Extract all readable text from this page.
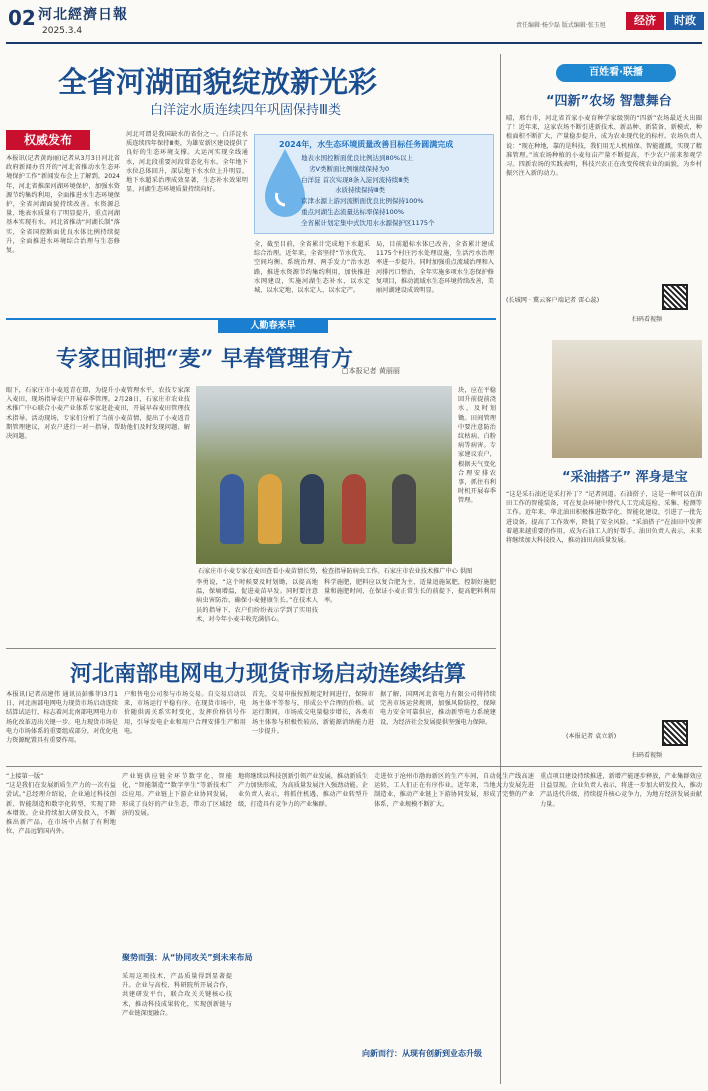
02 河北經濟日報
2025.3.4
责任编辑·杨少磊 版式编辑·张玉旭	经济	时政
全省河湖面貌绽放新光彩
白洋淀水质连续四年巩固保持Ⅲ类
权威发布
本报讯(记者黄海丽)记者从3月3日河北省政府新闻办召开的“河北省推动水生态环境保护工作”新闻发布会上了解到，2024年，河北省推深河湖环境保护，加强水资源节约集约利用，全面推进水生态环境保护，全省河湖面貌持续改善。水资源总量、地表水质量有了明显提升，重点河湖基本实现有水。河北省推动“河湖长制”落实，全省国控断面优良水体比例持续提升，全面推进水环境综合治理与生态修复。
河北可谓是我国缺水的省份之一。白洋淀水质连续四年保持Ⅲ类，为雄安新区建设提供了良好的生态环境支撑。大运河实现全线通水，河北段重要河段常态化有水。全年地下水位总体回升，深层地下水水位上升明显。地下水超采治理成效显著，生态补水效果明显，河湖生态环境质量持续向好。
全，截至目前，全省累计完成地下水超采综合治理。近年来，全省坚持“节水优先、空间均衡、系统治理、两手发力”治水思路，推进水资源节约集约利用，加快推进水网建设，实施河湖生态补水，以水定城、以水定地、以水定人、以水定产。
局，目前超标水体已改善，全省累计建成1175个村庄污水处理设施，生活污水治理率进一步提升。同时加强重点流域治理和入河排污口整治，全年实施多项水生态保护修复项目，推动流域水生态环境持续改善，美丽河湖建设成效明显。
2024年，水生态环境质量改善目标任务圆满完成
地表水国控断面优良比例达到80%以上
劣Ⅴ类断面比例继续保持为0
白洋淀 首次实现8条入淀河流持续Ⅲ类
水质持续保持Ⅲ类
京津水源上游河流断面优良比例保持100%
重点河湖生态流量达标率保持100%
全省累计划定集中式饮用水水源保护区1175个
百姓看·联播
“四新”农场 智慧舞台
晴，邢台市，河北省首家小麦育种学家级别的“四新”农场最近火出圈了！近年来，这家农场不断引进新技术、新品种、新装备、新模式，种植面积不断扩大，产量稳步提升，成为农业现代化的标杆。农场负责人说：“现在种地，靠的是科技，我们用无人机植保、智能灌溉，实现了精准管理。”该农场种植的小麦每亩产量不断提高，不少农户前来参观学习。四新农场的实践表明，科技兴农正在改变传统农业的面貌，为乡村振兴注入新的动力。
(长城网 · 冀云客户端记者 雷心蕊)
扫码看视频
人勤春来早
专家田间把“麦” 早春管理有方
□本报记者 黄丽丽
眼下，石家庄市小麦返青在即，为提升小麦管理水平，农技专家深入麦田，现场指导农户开展春季管理。2月28日，石家庄市农业技术推广中心联合小麦产业体系专家赶赴麦田，开展早春麦田管理技术指导。活动现场，专家们分析了当前小麦苗情，提出了小麦返青期管理建议，对农户进行一对一指导，帮助他们及时发现问题、解决问题。
石家庄市小麦专家在麦田查看小麦苗情长势，检查指导防病虫工作。石家庄市农业技术推广中心 供图
李勇说，“这个时候要及时划锄，以提高地温，保墒增温，促进麦苗早发。同时要注意病虫害防治，确保小麦健康生长。”在技术人员的指导下，农户们纷纷表示学到了实用技术，对今年小麦丰收充满信心。
块，应在平稳回升前提前浇水，及时划锄。田间管理中要注意防治纹枯病、白粉病等病害。专家建议农户，根据天气变化合理安排农事，抓住有利时机开展春季管理。
科学施肥，肥料应以复合肥为主，适量追施氮肥，控制好施肥量和施肥时间，在保证小麦正常生长的前提下，提高肥料利用率。
“采油搭子” 浑身是宝
“这是采石油还是采打补丁？”记者问道。石油搭子，这是一种可以在油田工作的智能装备，可在复杂环境中替代人工完成巡检、采集、检测等工作。近年来，华北油田积极推进数字化、智能化建设，引进了一批先进设备，提高了工作效率，降低了安全风险。“采油搭子”在油田中发挥着越来越重要的作用，成为石油工人的好帮手。油田负责人表示，未来将继续加大科技投入，推动油田高质量发展。
(本报记者 袁立新)
扫码看视频
河北南部电网电力现货市场启动连续结算
本报讯(记者高建伟 通讯员彭雅菲)3月1日，河北南部电网电力现货市场启动连续结算试运行，标志着河北南部电网电力市场化改革迈出关键一步。电力现货市场是电力市场体系的重要组成部分，对优化电力资源配置具有重要作用。
户和售电公司参与市场交易。自交易启动以来，市场运行平稳有序。在现货市场中，电价随供需关系实时变化，发挥价格信号作用，引导发电企业和用户合理安排生产和用电。
首先，交易申报按照规定时间进行，保障市场主体平等参与，形成公平合理的价格。试运行期间，市场成交电量稳步增长，各类市场主体参与积极性较高，新能源消纳能力进一步提升。
据了解，国网河北省电力有限公司将持续完善市场运营规则，加强风险防控，保障电力安全可靠供应，推动新型电力系统建设，为经济社会发展提供坚强电力保障。
“上接第一版”
“这是我们在发展新质生产力的一次有益尝试。”总经理介绍说，企业通过科技创新、智能制造和数字化转型，实现了降本增效。企业持续加大研发投入，不断推出新产品，在市场中占据了有利地位，产品远销国内外。
产业链供应链全环节数字化、智能化，“智能制造”“数字孪生”等新技术广泛应用。产业链上下游企业协同发展，形成了良好的产业生态，带动了区域经济的发展。
聚势而强：从“协同攻关”到未来布局
采用这项技术，产品质量得到显著提升。企业与高校、科研院所开展合作，共建研发平台，联合攻关关键核心技术，推动科技成果转化，实现创新链与产业链深度融合。
地将继续以科技创新引领产业发展，推动新质生产力加快形成，为高质量发展注入强劲动能。企业负责人表示，将抓住机遇，推动产业转型升级，打造具有竞争力的产业集群。
向新而行：从现有创新到业态升级
走进位于沧州市渤海新区的生产车间，自动化生产线高速运转，工人们正在有序作业。近年来，当地大力发展先进制造业，推动产业链上下游协同发展，形成了完整的产业体系，产业规模不断扩大。
重点项目建设持续推进，新增产能逐步释放，产业集群效应日益显现。企业负责人表示，将进一步加大研发投入，推动产品迭代升级，持续提升核心竞争力，为地方经济发展贡献力量。
